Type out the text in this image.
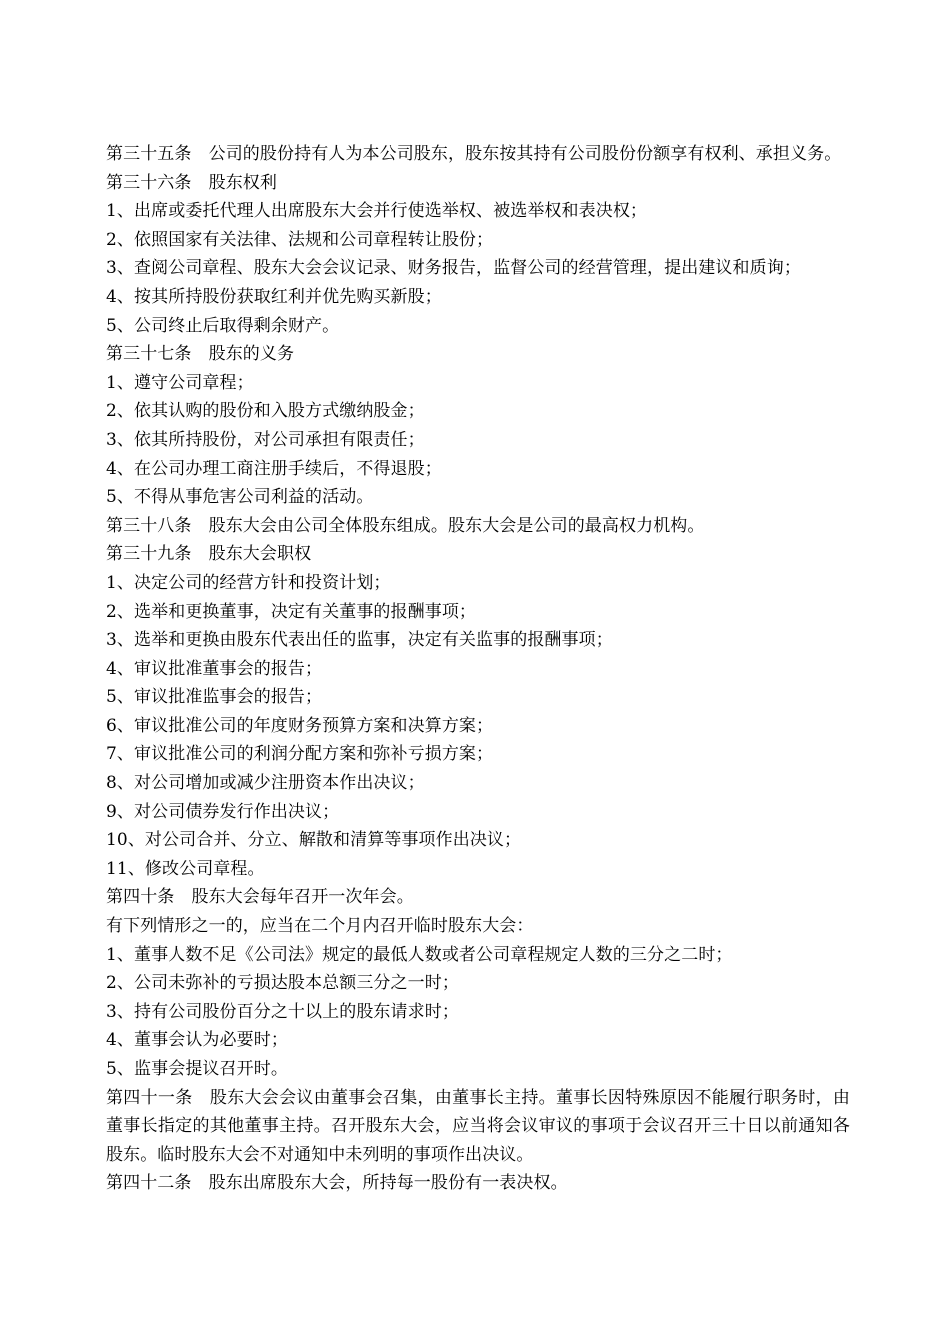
第三十五条　公司的股份持有人为本公司股东，股东按其持有公司股份份额享有权利、承担义务。

第三十六条　股东权利

1、出席或委托代理人出席股东大会并行使选举权、被选举权和表决权；

2、依照国家有关法律、法规和公司章程转让股份；

3、查阅公司章程、股东大会会议记录、财务报告，监督公司的经营管理，提出建议和质询；

4、按其所持股份获取红利并优先购买新股；

5、公司终止后取得剩余财产。

第三十七条　股东的义务

1、遵守公司章程；

2、依其认购的股份和入股方式缴纳股金；

3、依其所持股份，对公司承担有限责任；

4、在公司办理工商注册手续后，不得退股；

5、不得从事危害公司利益的活动。

第三十八条　股东大会由公司全体股东组成。股东大会是公司的最高权力机构。

第三十九条　股东大会职权

1、决定公司的经营方针和投资计划；

2、选举和更换董事，决定有关董事的报酬事项；

3、选举和更换由股东代表出任的监事，决定有关监事的报酬事项；

4、审议批准董事会的报告；

5、审议批准监事会的报告；

6、审议批准公司的年度财务预算方案和决算方案；

7、审议批准公司的利润分配方案和弥补亏损方案；

8、对公司增加或减少注册资本作出决议；

9、对公司债券发行作出决议；

10、对公司合并、分立、解散和清算等事项作出决议；

11、修改公司章程。

第四十条　股东大会每年召开一次年会。

有下列情形之一的，应当在二个月内召开临时股东大会：

1、董事人数不足《公司法》规定的最低人数或者公司章程规定人数的三分之二时；

2、公司未弥补的亏损达股本总额三分之一时；

3、持有公司股份百分之十以上的股东请求时；

4、董事会认为必要时；

5、监事会提议召开时。

第四十一条　股东大会会议由董事会召集，由董事长主持。董事长因特殊原因不能履行职务时，由董事长指定的其他董事主持。召开股东大会，应当将会议审议的事项于会议召开三十日以前通知各股东。临时股东大会不对通知中未列明的事项作出决议。

第四十二条　股东出席股东大会，所持每一股份有一表决权。
